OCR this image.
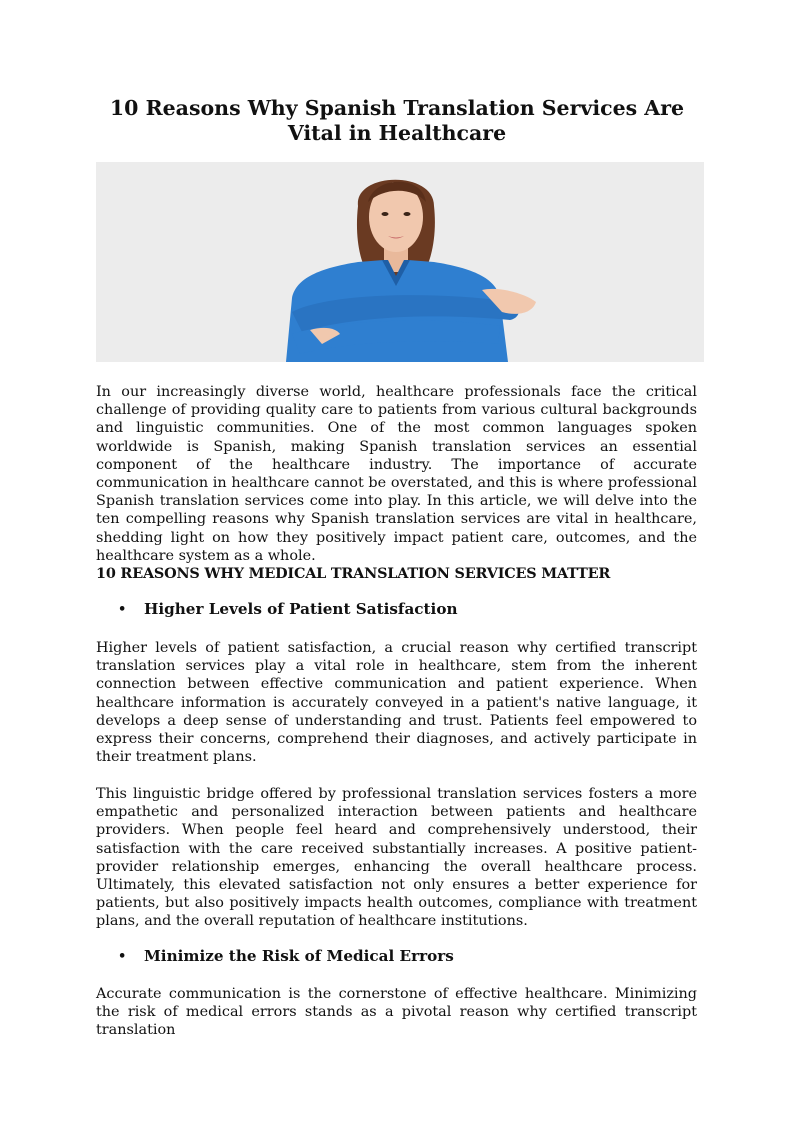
10 Reasons Why Spanish Translation Services Are Vital in Healthcare

In our increasingly diverse world, healthcare professionals face the critical challenge of providing quality care to patients from various cultural backgrounds and linguistic communities. One of the most common languages spoken worldwide is Spanish, making Spanish translation services an essential component of the healthcare industry. The importance of accurate communication in healthcare cannot be overstated, and this is where professional Spanish translation services come into play. In this article, we will delve into the ten compelling reasons why Spanish translation services are vital in healthcare, shedding light on how they positively impact patient care, outcomes, and the healthcare system as a whole.

10 REASONS WHY MEDICAL TRANSLATION SERVICES MATTER
• Higher Levels of Patient Satisfaction

Higher levels of patient satisfaction, a crucial reason why certified transcript translation services play a vital role in healthcare, stem from the inherent connection between effective communication and patient experience. When healthcare information is accurately conveyed in a patient's native language, it develops a deep sense of understanding and trust. Patients feel empowered to express their concerns, comprehend their diagnoses, and actively participate in their treatment plans.

This linguistic bridge offered by professional translation services fosters a more empathetic and personalized interaction between patients and healthcare providers. When people feel heard and comprehensively understood, their satisfaction with the care received substantially increases. A positive patient-provider relationship emerges, enhancing the overall healthcare process. Ultimately, this elevated satisfaction not only ensures a better experience for patients, but also positively impacts health outcomes, compliance with treatment plans, and the overall reputation of healthcare institutions.

• Minimize the Risk of Medical Errors

Accurate communication is the cornerstone of effective healthcare. Minimizing the risk of medical errors stands as a pivotal reason why certified transcript translation
